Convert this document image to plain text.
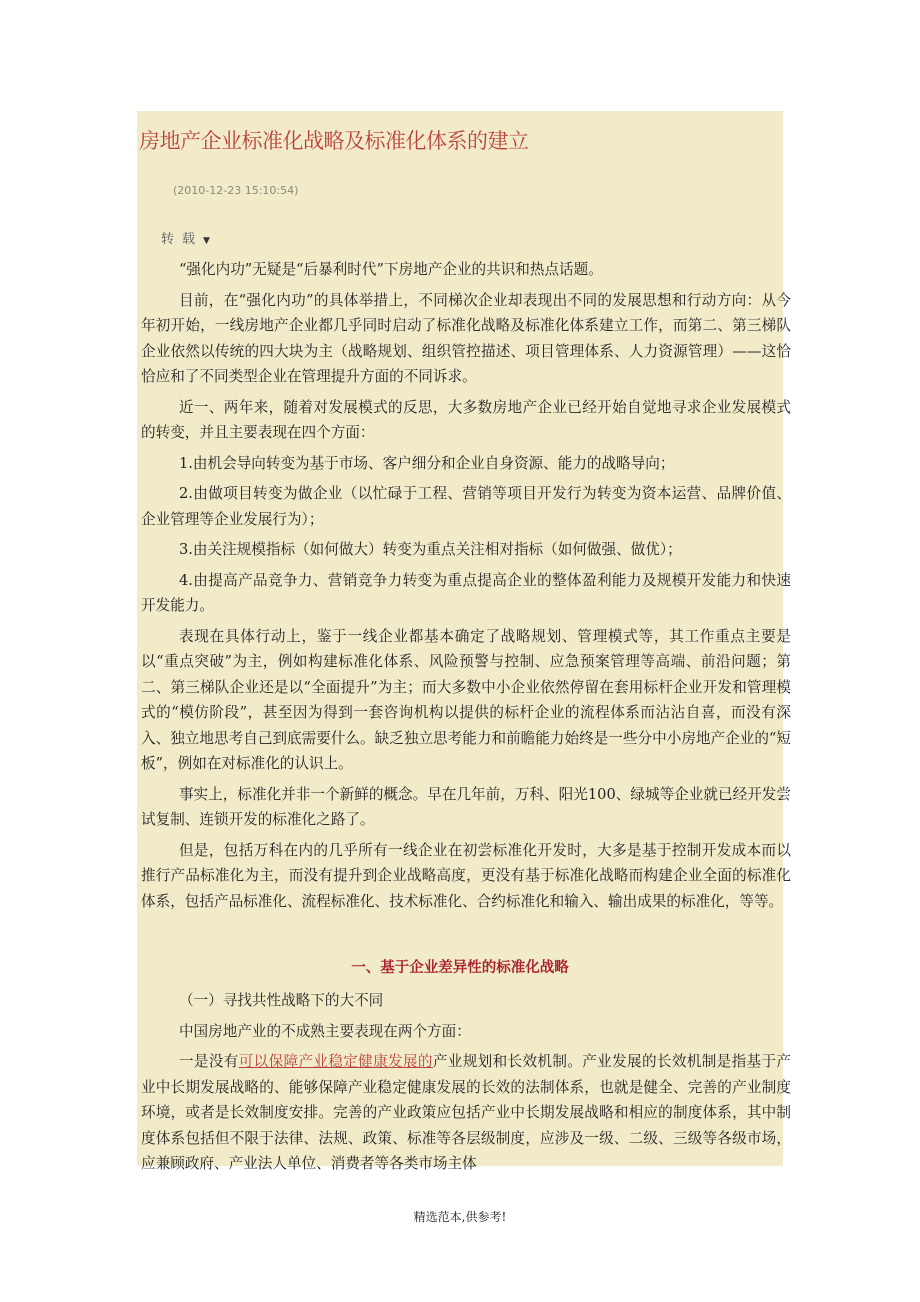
房地产企业标准化战略及标准化体系的建立
(2010-12-23 15:10:54)
转载▼

“强化内功”无疑是“后暴利时代”下房地产企业的共识和热点话题。

目前，在“强化内功”的具体举措上，不同梯次企业却表现出不同的发展思想和行动方向：从今年初开始，一线房地产企业都几乎同时启动了标准化战略及标准化体系建立工作，而第二、第三梯队企业依然以传统的四大块为主（战略规划、组织管控描述、项目管理体系、人力资源管理）——这恰恰应和了不同类型企业在管理提升方面的不同诉求。

近一、两年来，随着对发展模式的反思，大多数房地产企业已经开始自觉地寻求企业发展模式的转变，并且主要表现在四个方面：

1.由机会导向转变为基于市场、客户细分和企业自身资源、能力的战略导向；

2.由做项目转变为做企业（以忙碌于工程、营销等项目开发行为转变为资本运营、品牌价值、企业管理等企业发展行为）；

3.由关注规模指标（如何做大）转变为重点关注相对指标（如何做强、做优）；

4.由提高产品竞争力、营销竞争力转变为重点提高企业的整体盈利能力及规模开发能力和快速开发能力。

表现在具体行动上，鉴于一线企业都基本确定了战略规划、管理模式等，其工作重点主要是以“重点突破”为主，例如构建标准化体系、风险预警与控制、应急预案管理等高端、前沿问题；第二、第三梯队企业还是以“全面提升”为主；而大多数中小企业依然停留在套用标杆企业开发和管理模式的“模仿阶段”，甚至因为得到一套咨询机构以提供的标杆企业的流程体系而沾沾自喜，而没有深入、独立地思考自己到底需要什么。缺乏独立思考能力和前瞻能力始终是一些分中小房地产企业的“短板”，例如在对标准化的认识上。

事实上，标准化并非一个新鲜的概念。早在几年前，万科、阳光100、绿城等企业就已经开发尝试复制、连锁开发的标准化之路了。

但是，包括万科在内的几乎所有一线企业在初尝标准化开发时，大多是基于控制开发成本而以推行产品标准化为主，而没有提升到企业战略高度，更没有基于标准化战略而构建企业全面的标准化体系，包括产品标准化、流程标准化、技术标准化、合约标准化和输入、输出成果的标准化，等等。

一、基于企业差异性的标准化战略

（一）寻找共性战略下的大不同

中国房地产业的不成熟主要表现在两个方面：

一是没有可以保障产业稳定健康发展的产业规划和长效机制。产业发展的长效机制是指基于产业中长期发展战略的、能够保障产业稳定健康发展的长效的法制体系，也就是健全、完善的产业制度环境，或者是长效制度安排。完善的产业政策应包括产业中长期发展战略和相应的制度体系，其中制度体系包括但不限于法律、法规、政策、标准等各层级制度，应涉及一级、二级、三级等各级市场，应兼顾政府、产业法人单位、消费者等各类市场主体

精选范本,供参考!
